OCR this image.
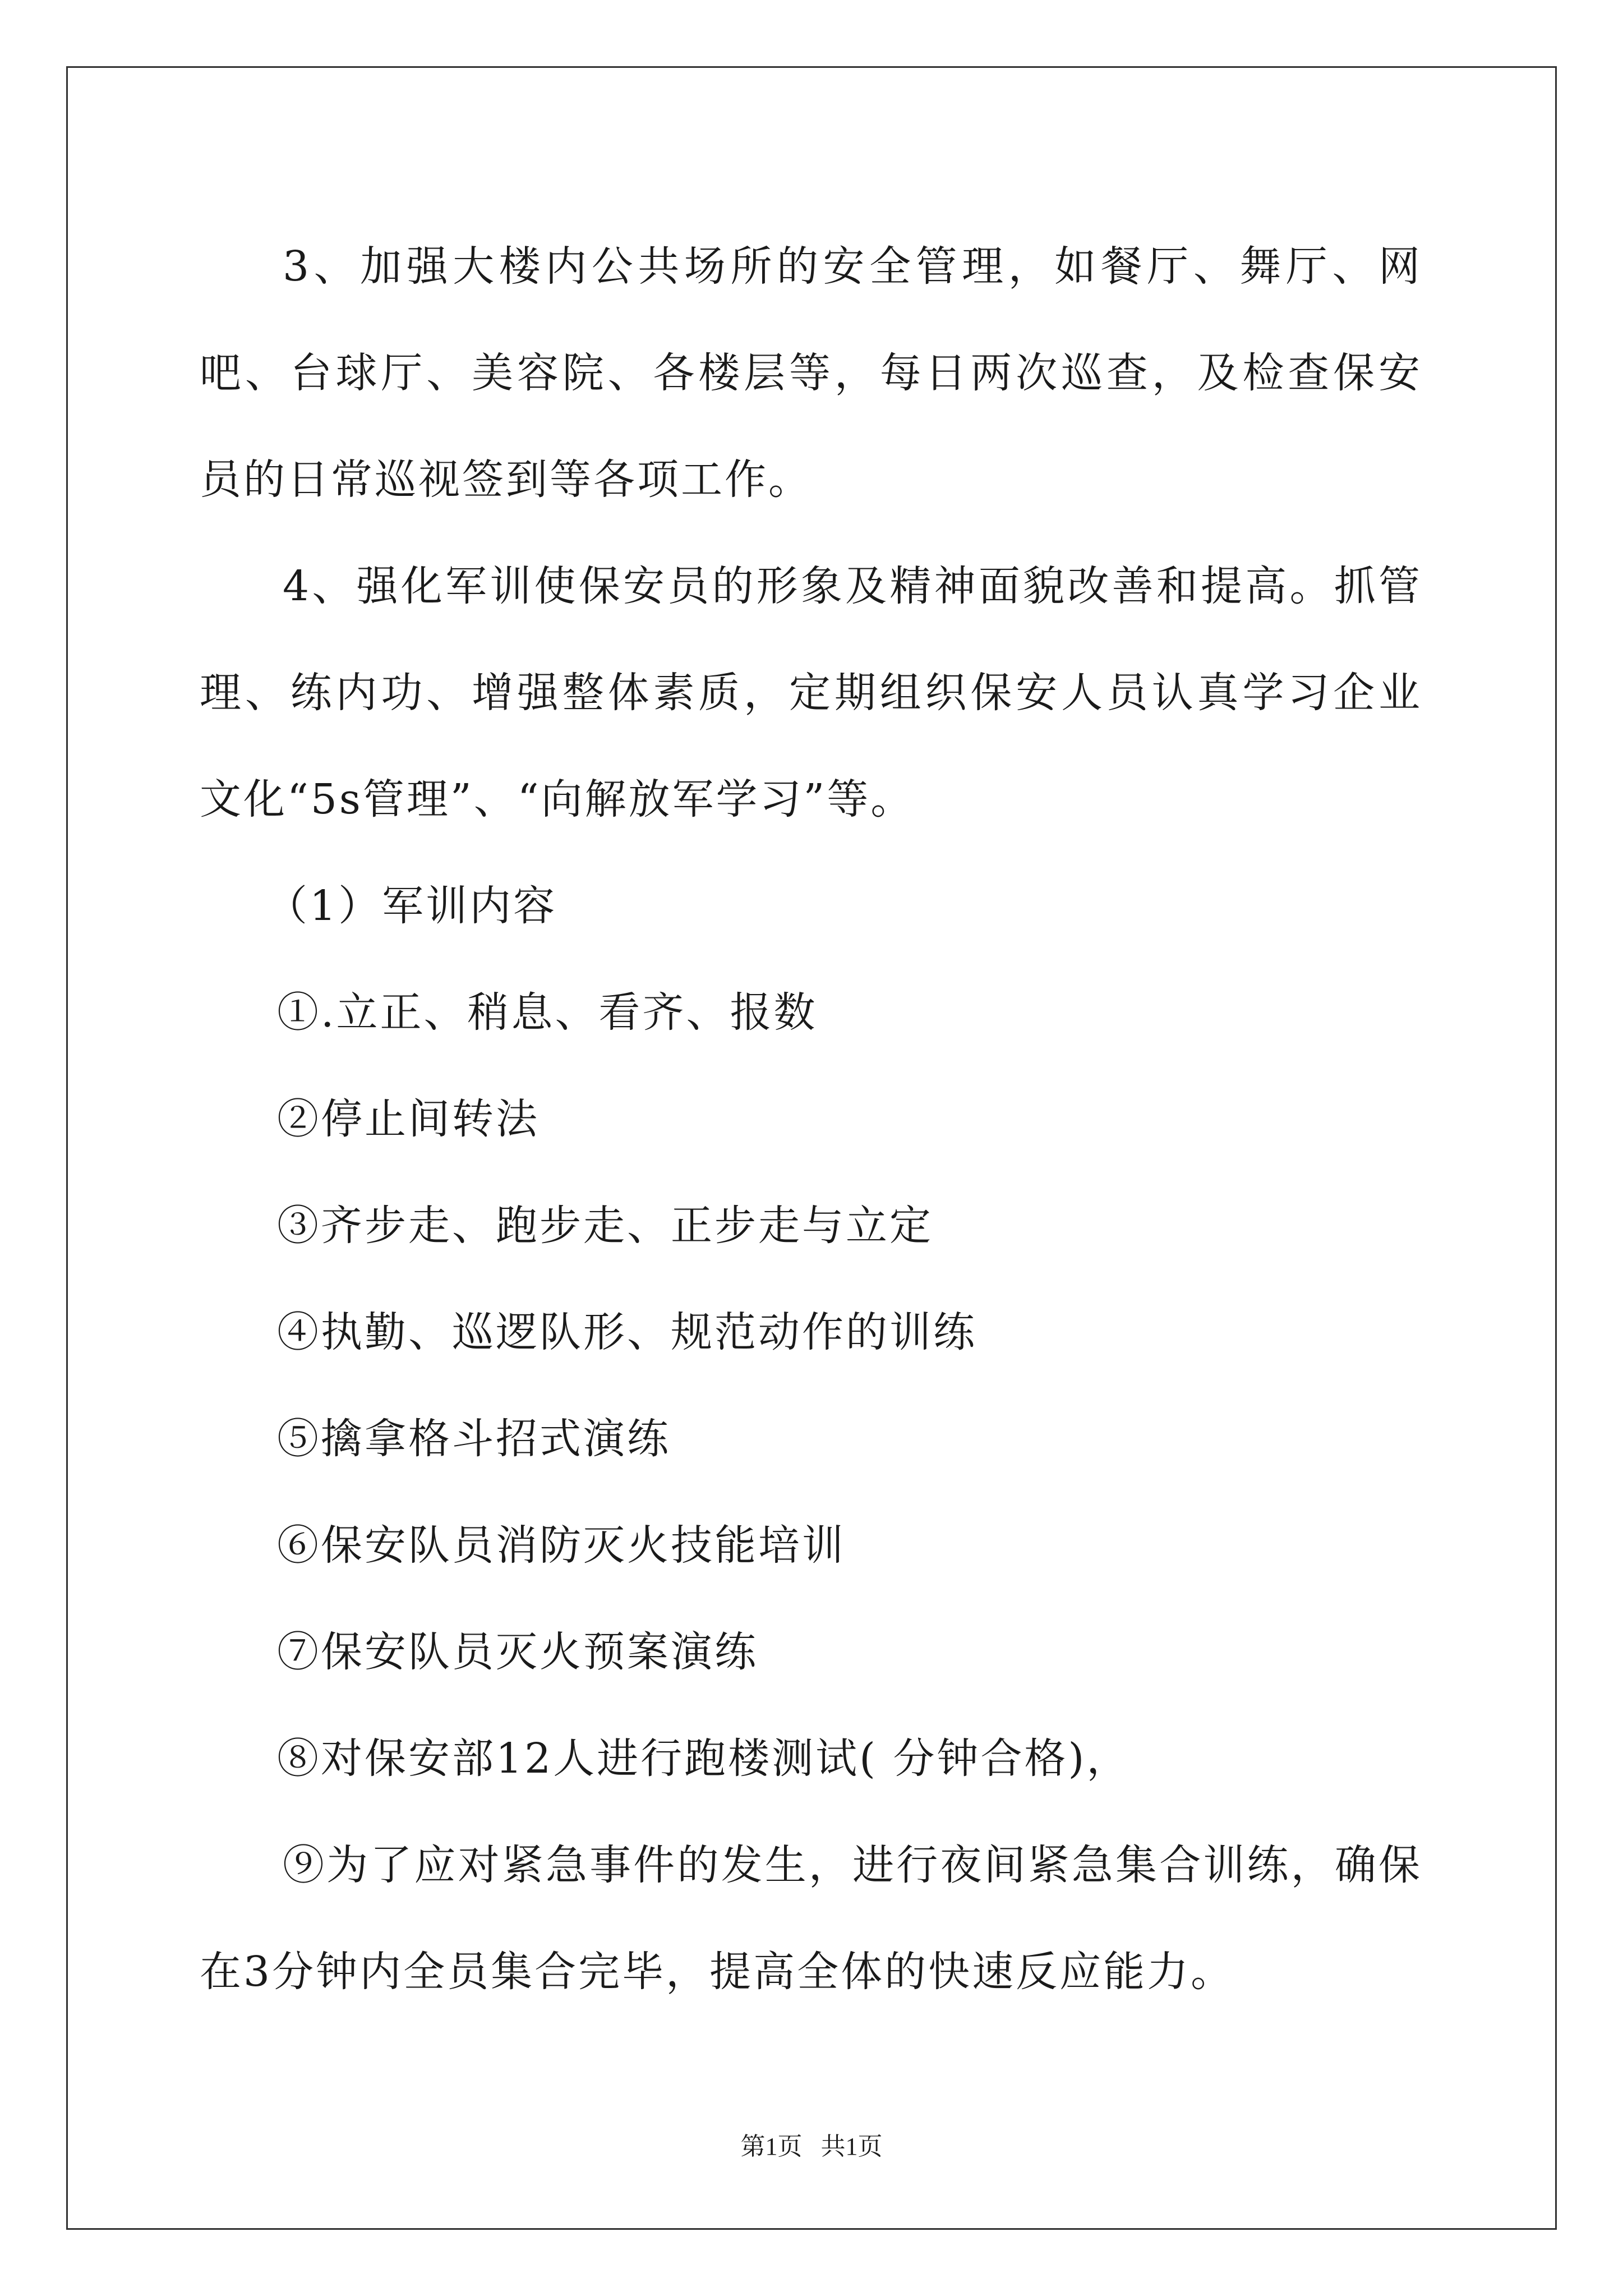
3、加强大楼内公共场所的安全管理，如餐厅、舞厅、网吧、台球厅、美容院、各楼层等，每日两次巡查，及检查保安员的日常巡视签到等各项工作。

4、强化军训使保安员的形象及精神面貌改善和提高。抓管理、练内功、增强整体素质，定期组织保安人员认真学习企业文化“5s管理”、“向解放军学习”等。

（1）军训内容

①.立正、稍息、看齐、报数

②停止间转法

③齐步走、跑步走、正步走与立定

④执勤、巡逻队形、规范动作的训练

⑤擒拿格斗招式演练

⑥保安队员消防灭火技能培训

⑦保安队员灭火预案演练

⑧对保安部12人进行跑楼测试( 分钟合格)，

⑨为了应对紧急事件的发生，进行夜间紧急集合训练，确保在3分钟内全员集合完毕，提高全体的快速反应能力。

第1页   共1页
